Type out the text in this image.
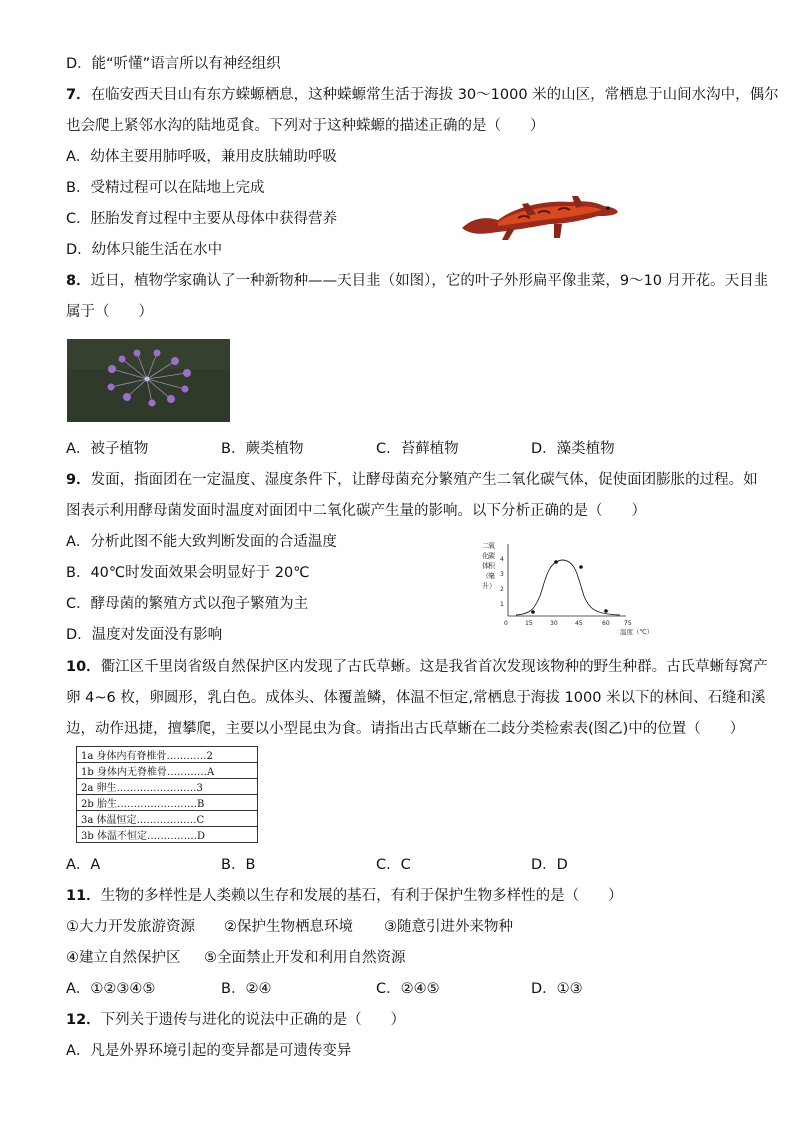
D．能“听懂”语言所以有神经组织
7．在临安西天目山有东方蝾螈栖息，这种蝾螈常生活于海拔 30～1000 米的山区，常栖息于山间水沟中，偶尔
也会爬上紧邻水沟的陆地觅食。下列对于这种蝾螈的描述正确的是（　　）
A．幼体主要用肺呼吸，兼用皮肤辅助呼吸
B．受精过程可以在陆地上完成
C．胚胎发育过程中主要从母体中获得营养
D．幼体只能生活在水中
8．近日，植物学家确认了一种新物种——天目韭（如图），它的叶子外形扁平像韭菜，9～10 月开花。天目韭
属于（　　）
A．被子植物	B．蕨类植物	C．苔藓植物	D．藻类植物
9．发面，指面团在一定温度、湿度条件下，让酵母菌充分繁殖产生二氧化碳气体，促使面团膨胀的过程。如
图表示利用酵母菌发面时温度对面团中二氧化碳产生量的影响。以下分析正确的是（　　）
A．分析此图不能大致判断发面的合适温度
B．40℃时发面效果会明显好于 20℃
C．酵母菌的繁殖方式以孢子繁殖为主
D．温度对发面没有影响
二 氧
化 碳
体 积
（ 毫
升）
1
2
3
4
0	15	30	45	60 75
温度（℃）
10．衢江区千里岗省级自然保护区内发现了古氏草蜥。这是我省首次发现该物种的野生种群。古氏草蜥每窝产
卵 4~6 枚，卵圆形，乳白色。成体头、体覆盖鳞，体温不恒定,常栖息于海拔 1000 米以下的林间、石缝和溪
边，动作迅捷，擅攀爬，主要以小型昆虫为食。请指出古氏草蜥在二歧分类检索表(图乙)中的位置（　　）
1a 身体内有脊椎骨…………2
1b 身体内无脊椎骨…………A
2a 卵生……………………3
2b 胎生……………………B
3a 体温恒定………………C
3b 体温不恒定……………D
A．A	B．B	C．C	D．D
11．生物的多样性是人类赖以生存和发展的基石，有利于保护生物多样性的是（　　）
①大力开发旅游资源 ②保护生物栖息环境 ③随意引进外来物种
④建立自然保护区 ⑤全面禁止开发和利用自然资源
A．①②③④⑤	B．②④	C．②④⑤	D．①③
12．下列关于遗传与进化的说法中正确的是（　　）
A．凡是外界环境引起的变异都是可遗传变异
